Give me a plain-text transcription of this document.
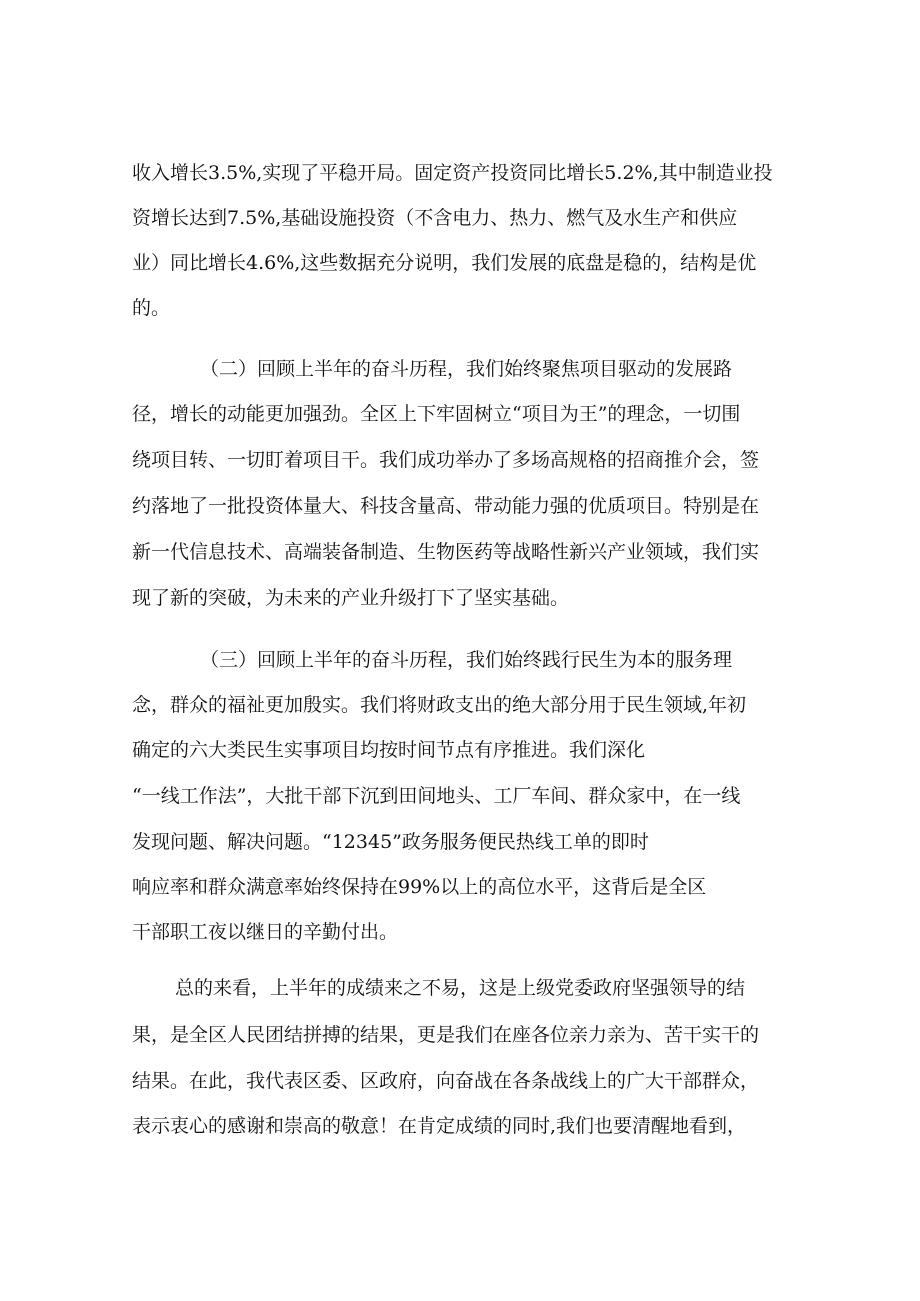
收入增长3.5%,实现了平稳开局。固定资产投资同比增长5.2%,其中制造业投

资增长达到7.5%,基础设施投资（不含电力、热力、燃气及水生产和供应

业）同比增长4.6%,这些数据充分说明，我们发展的底盘是稳的，结构是优

的。

（二）回顾上半年的奋斗历程，我们始终聚焦项目驱动的发展路

径，增长的动能更加强劲。全区上下牢固树立“项目为王”的理念，一切围

绕项目转、一切盯着项目干。我们成功举办了多场高规格的招商推介会，签

约落地了一批投资体量大、科技含量高、带动能力强的优质项目。特别是在

新一代信息技术、高端装备制造、生物医药等战略性新兴产业领域，我们实

现了新的突破，为未来的产业升级打下了坚实基础。

（三）回顾上半年的奋斗历程，我们始终践行民生为本的服务理

念，群众的福祉更加殷实。我们将财政支出的绝大部分用于民生领域,年初

确定的六大类民生实事项目均按时间节点有序推进。我们深化

“一线工作法”，大批干部下沉到田间地头、工厂车间、群众家中，在一线

发现问题、解决问题。“12345”政务服务便民热线工单的即时

响应率和群众满意率始终保持在99%以上的高位水平，这背后是全区

干部职工夜以继日的辛勤付出。

总的来看，上半年的成绩来之不易，这是上级党委政府坚强领导的结

果，是全区人民团结拼搏的结果，更是我们在座各位亲力亲为、苦干实干的

结果。在此，我代表区委、区政府，向奋战在各条战线上的广大干部群众，

表示衷心的感谢和崇高的敬意！在肯定成绩的同时,我们也要清醒地看到，
